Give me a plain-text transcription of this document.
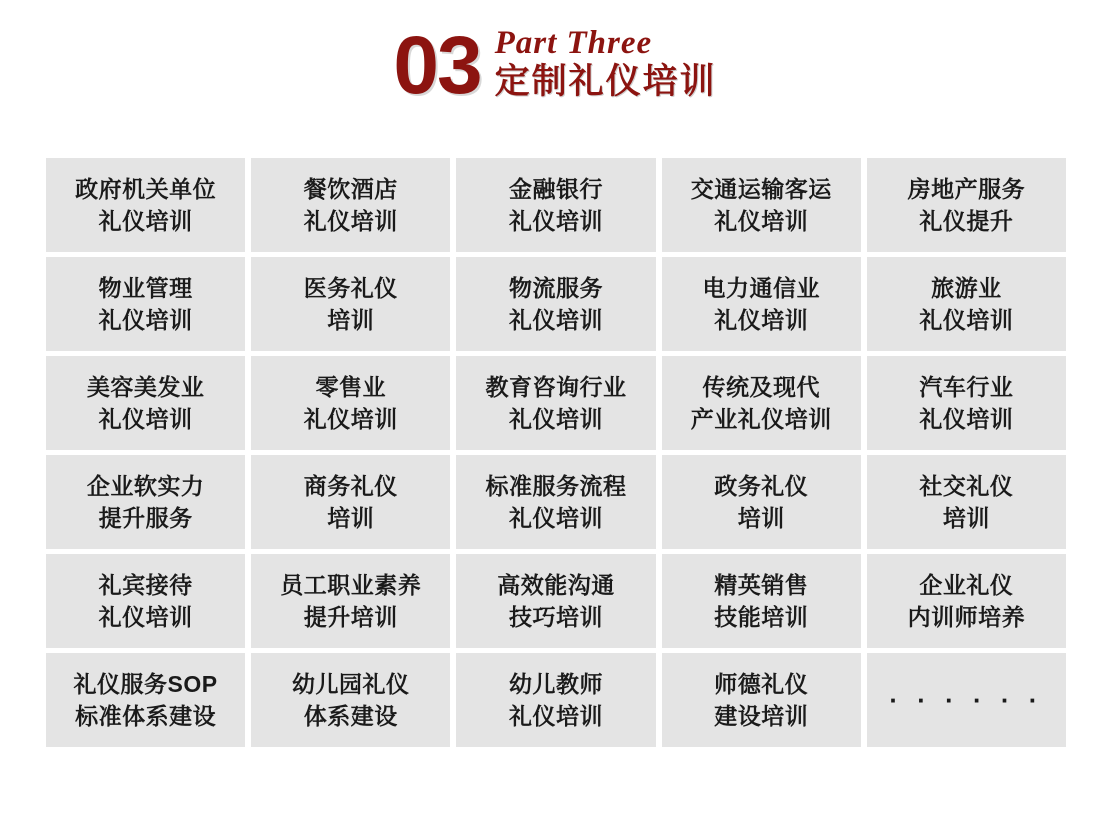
03 Part Three
定制礼仪培训
政府机关单位
礼仪培训
餐饮酒店
礼仪培训
金融银行
礼仪培训
交通运输客运
礼仪培训
房地产服务
礼仪提升
物业管理
礼仪培训
医务礼仪
培训
物流服务
礼仪培训
电力通信业
礼仪培训
旅游业
礼仪培训
美容美发业
礼仪培训
零售业
礼仪培训
教育咨询行业
礼仪培训
传统及现代
产业礼仪培训
汽车行业
礼仪培训
企业软实力
提升服务
商务礼仪
培训
标准服务流程
礼仪培训
政务礼仪
培训
社交礼仪
培训
礼宾接待
礼仪培训
员工职业素养
提升培训
高效能沟通
技巧培训
精英销售
技能培训
企业礼仪
内训师培养
礼仪服务SOP
标准体系建设
幼儿园礼仪
体系建设
幼儿教师
礼仪培训
师德礼仪
建设培训
· · · · · ·
